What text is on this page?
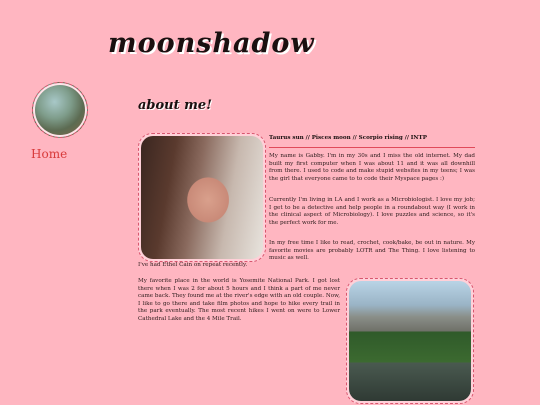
moonshadow
Home
about me!
Taurus sun // Pisces moon // Scorpio rising // INTP

My name is Gabby. I'm in my 30s and I miss the old internet. My dad built my first computer when I was about 11 and it was all downhill from there. I used to code and make stupid websites in my teens; I was the girl that everyone came to to code their Myspace pages :)

Currently I'm living in LA and I work as a Microbiologist. I love my job; I get to be a detective and help people in a roundabout way (I work in the clinical aspect of Microbiology). I love puzzles and science, so it's the perfect work for me.

In my free time I like to read, crochet, cook/bake, be out in nature. My favorite movies are probably LOTR and The Thing. I love listening to music as well.

I've had Ethel Cain on repeat recently.

My favorite place in the world is Yosemite National Park. I got lost there when I was 2 for about 5 hours and I think a part of me never came back. They found me at the river's edge with an old couple. Now, I like to go there and take film photos and hope to hike every trail in the park eventually. The most recent hikes I went on were to Lower Cathedral Lake and the 4 Mile Trail.
